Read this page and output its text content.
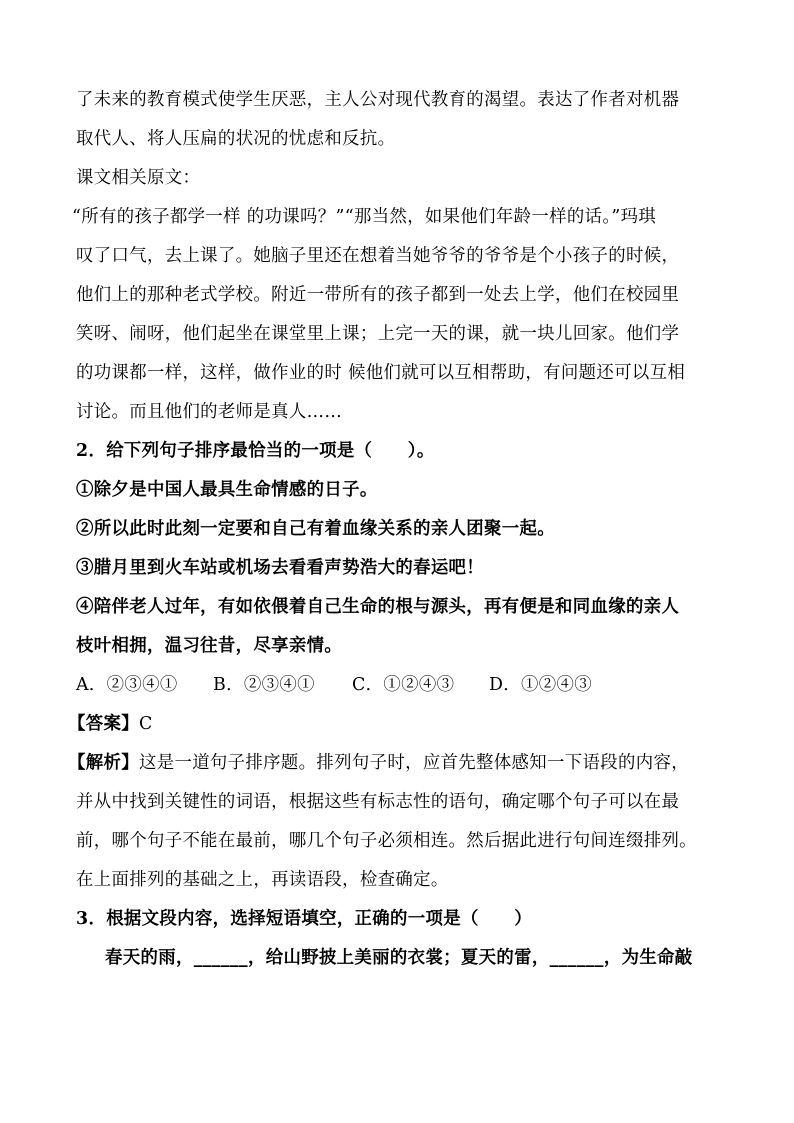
了未来的教育模式使学生厌恶，主人公对现代教育的渴望。表达了作者对机器
取代人、将人压扁的状况的忧虑和反抗。
课文相关原文：
“所有的孩子都学一样 的功课吗？”“那当然，如果他们年龄一样的话。”玛琪
叹了口气，去上课了。她脑子里还在想着当她爷爷的爷爷是个小孩子的时候，
他们上的那种老式学校。附近一带所有的孩子都到一处去上学，他们在校园里
笑呀、闹呀，他们起坐在课堂里上课；上完一天的课，就一块儿回家。他们学
的功课都一样，这样，做作业的时 候他们就可以互相帮助，有问题还可以互相
讨论。而且他们的老师是真人……
2．给下列句子排序最恰当的一项是（　　）。
①除夕是中国人最具生命情感的日子。
②所以此时此刻一定要和自己有着血缘关系的亲人团聚一起。
③腊月里到火车站或机场去看看声势浩大的春运吧！
④陪伴老人过年，有如依偎着自己生命的根与源头，再有便是和同血缘的亲人
枝叶相拥，温习往昔，尽享亲情。
A．②③④① B．②③④① C．①②④③ D．①②④③
【答案】C
【解析】这是一道句子排序题。排列句子时，应首先整体感知一下语段的内容，
并从中找到关键性的词语，根据这些有标志性的语句，确定哪个句子可以在最
前，哪个句子不能在最前，哪几个句子必须相连。然后据此进行句间连缀排列。
在上面排列的基础之上，再读语段，检查确定。
3．根据文段内容，选择短语填空，正确的一项是（　　）
春天的雨，______，给山野披上美丽的衣裳；夏天的雷，______，为生命敲
